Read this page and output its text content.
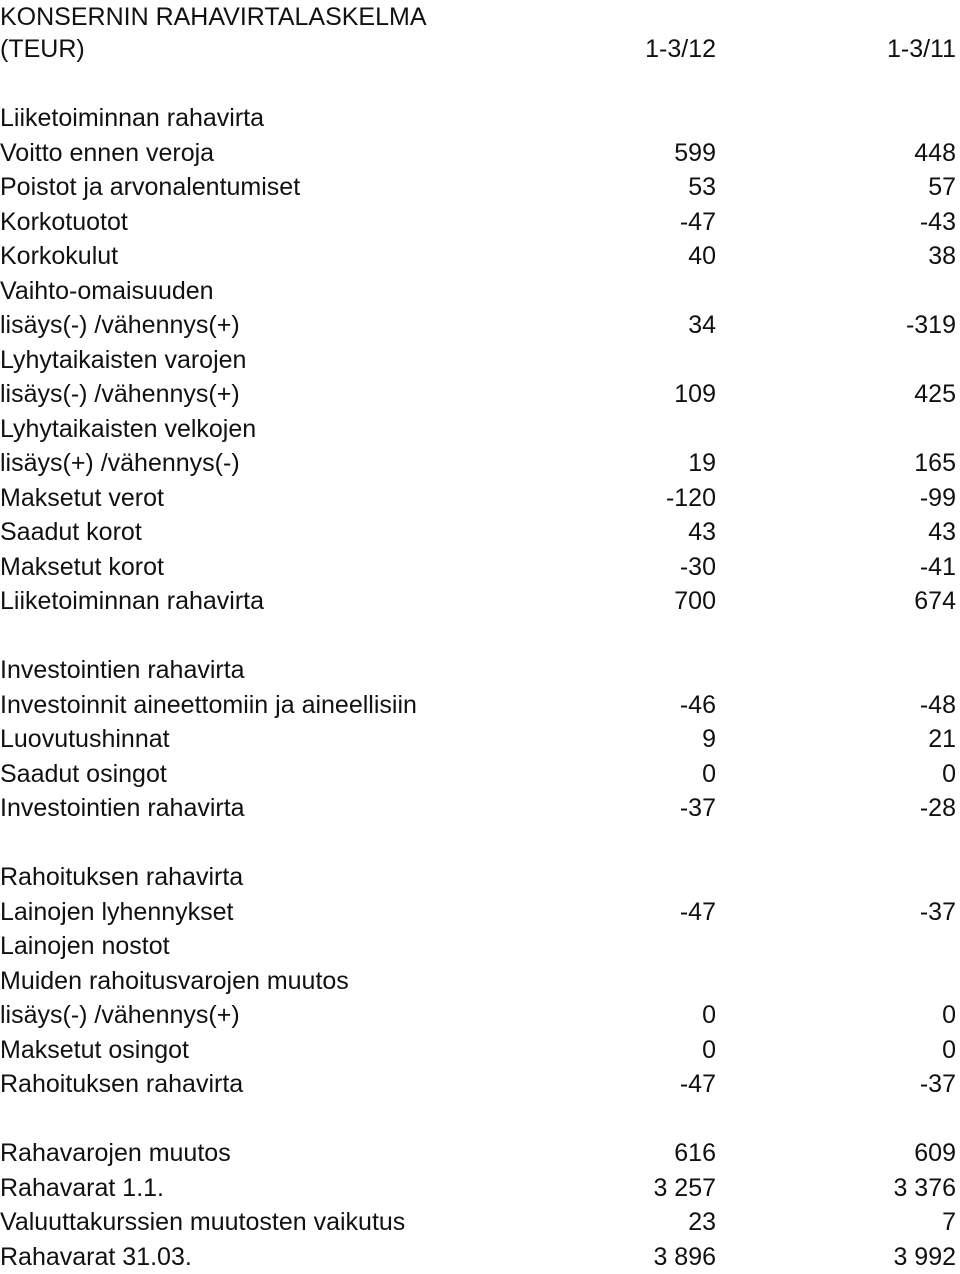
KONSERNIN RAHAVIRTALASKELMA
(TEUR)	1-3/12	1-3/11
Liiketoiminnan rahavirta
Voitto ennen veroja	599	448
Poistot ja arvonalentumiset	53	57
Korkotuotot	-47	-43
Korkokulut	40	38
Vaihto-omaisuuden
lisäys(-) /vähennys(+)	34	-319
Lyhytaikaisten varojen
lisäys(-) /vähennys(+)	109	425
Lyhytaikaisten velkojen
lisäys(+) /vähennys(-)	19	165
Maksetut verot	-120	-99
Saadut korot	43	43
Maksetut korot	-30	-41
Liiketoiminnan rahavirta	700	674
Investointien rahavirta
Investoinnit aineettomiin ja aineellisiin	-46	-48
Luovutushinnat	9	21
Saadut osingot	0	0
Investointien rahavirta	-37	-28
Rahoituksen rahavirta
Lainojen lyhennykset	-47	-37
Lainojen nostot
Muiden rahoitusvarojen muutos
lisäys(-) /vähennys(+)	0	0
Maksetut osingot	0	0
Rahoituksen rahavirta	-47	-37
Rahavarojen muutos	616	609
Rahavarat 1.1.	3 257	3 376
Valuuttakurssien muutosten vaikutus	23	7
Rahavarat 31.03.	3 896	3 992
